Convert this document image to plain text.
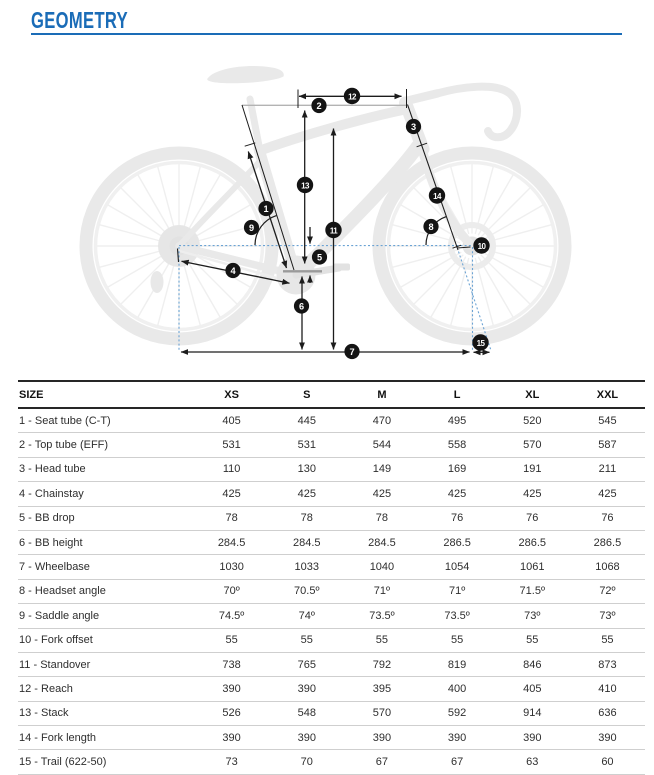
GEOMETRY
1
2
3
4
5
6
7
8
9
10
11
12
13
14
15
SIZE	XS	S	M	L	XL	XXL
1 - Seat tube (C-T)	405	445	470	495	520	545
2 - Top tube (EFF)	531	531	544	558	570	587
3 - Head tube	110	130	149	169	191	211
4 - Chainstay	425	425	425	425	425	425
5 - BB drop	78	78	78	76	76	76
6 - BB height	284.5	284.5	284.5	286.5	286.5	286.5
7 - Wheelbase	1030	1033	1040	1054	1061	1068
8 - Headset angle	70º	70.5º	71º	71º	71.5º	72º
9 - Saddle angle	74.5º	74º	73.5º	73.5º	73º	73º
10 - Fork offset	55	55	55	55	55	55
11 - Standover	738	765	792	819	846	873
12 - Reach	390	390	395	400	405	410
13 - Stack	526	548	570	592	914	636
14 - Fork length	390	390	390	390	390	390
15 - Trail (622-50)	73	70	67	67	63	60
